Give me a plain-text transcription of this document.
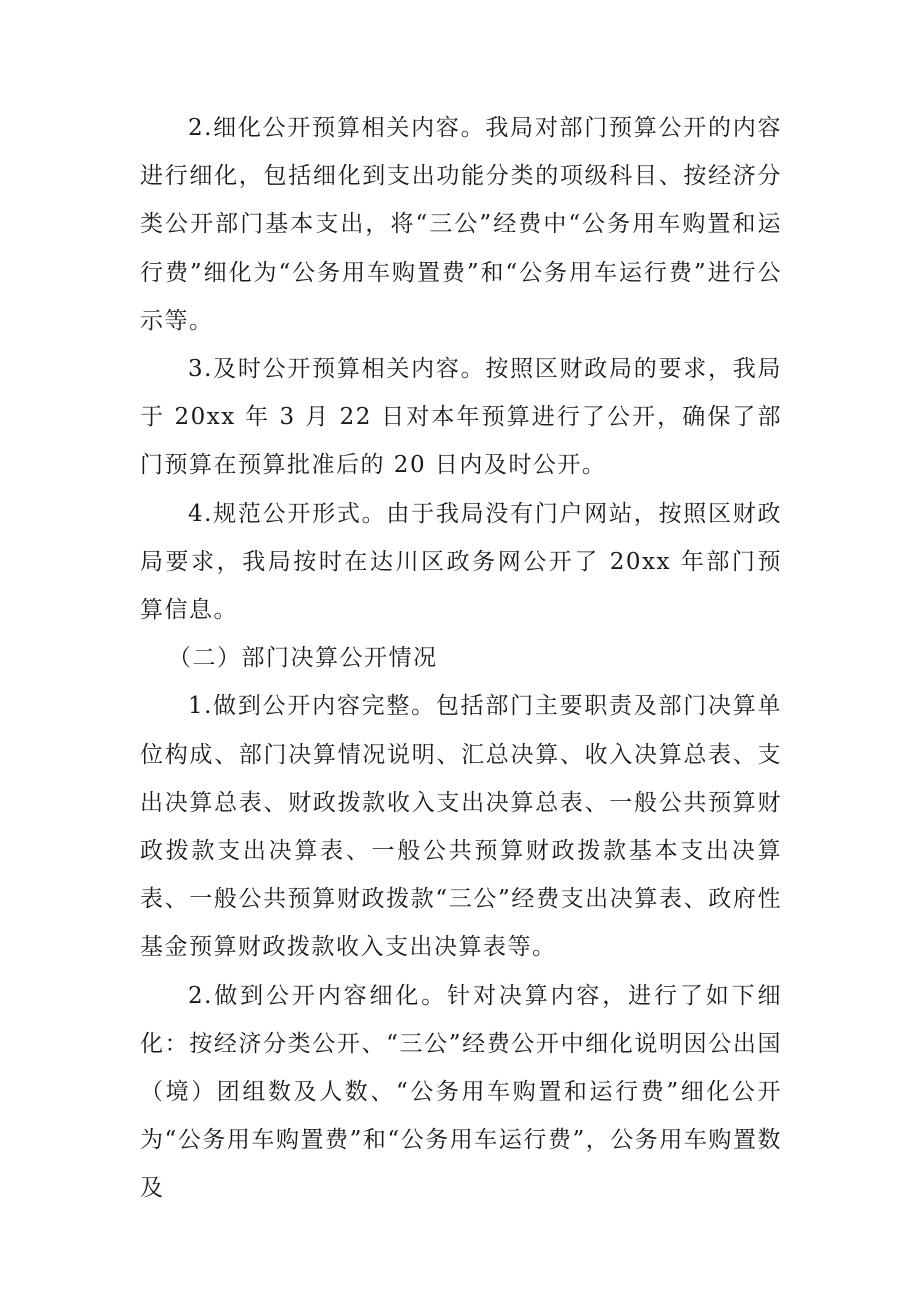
2.细化公开预算相关内容。我局对部门预算公开的内容进行细化，包括细化到支出功能分类的项级科目、按经济分类公开部门基本支出，将“三公”经费中“公务用车购置和运行费”细化为“公务用车购置费”和“公务用车运行费”进行公示等。

3.及时公开预算相关内容。按照区财政局的要求，我局于 20xx 年 3 月 22 日对本年预算进行了公开，确保了部门预算在预算批准后的 20 日内及时公开。

4.规范公开形式。由于我局没有门户网站，按照区财政局要求，我局按时在达川区政务网公开了 20xx 年部门预算信息。

（二）部门决算公开情况

1.做到公开内容完整。包括部门主要职责及部门决算单位构成、部门决算情况说明、汇总决算、收入决算总表、支出决算总表、财政拨款收入支出决算总表、一般公共预算财政拨款支出决算表、一般公共预算财政拨款基本支出决算表、一般公共预算财政拨款“三公”经费支出决算表、政府性基金预算财政拨款收入支出决算表等。

2.做到公开内容细化。针对决算内容，进行了如下细化：按经济分类公开、“三公”经费公开中细化说明因公出国（境）团组数及人数、“公务用车购置和运行费”细化公开为“公务用车购置费”和“公务用车运行费”，公务用车购置数及
